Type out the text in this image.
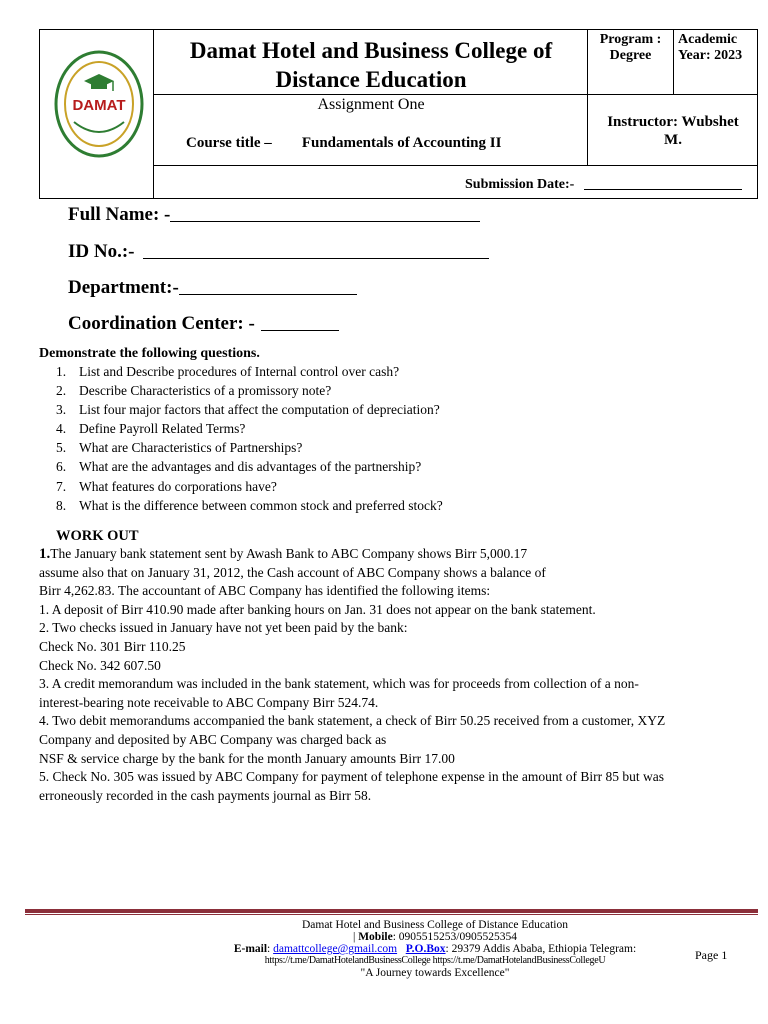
DAMAT
Damat Hotel and Business College of
Distance Education
Program :
Degree
Academic
Year: 2023
Assignment One
Course title – Fundamentals of Accounting II
Instructor: Wubshet
M.
Submission Date:-
Full Name: -
ID No.:-
Department:-
Coordination Center: -
Demonstrate the following questions.
1. List and Describe procedures of Internal control over cash?
2. Describe Characteristics of a promissory note?
3. List four major factors that affect the computation of depreciation?
4. Define Payroll Related Terms?
5. What are Characteristics of Partnerships?
6. What are the advantages and dis advantages of the partnership?
7. What features do corporations have?
8. What is the difference between common stock and preferred stock?
WORK OUT

1.The January bank statement sent by Awash Bank to ABC Company shows Birr 5,000.17

assume also that on January 31, 2012, the Cash account of ABC Company shows a balance of

Birr 4,262.83. The accountant of ABC Company has identified the following items:

1. A deposit of Birr 410.90 made after banking hours on Jan. 31 does not appear on the bank statement.

2. Two checks issued in January have not yet been paid by the bank:

Check No. 301 Birr 110.25

Check No. 342 607.50

3. A credit memorandum was included in the bank statement, which was for proceeds from collection of a non-

interest-bearing note receivable to ABC Company Birr 524.74.

4. Two debit memorandums accompanied the bank statement, a check of Birr 50.25 received from a customer, XYZ

Company and deposited by ABC Company was charged back as

NSF & service charge by the bank for the month January amounts Birr 17.00

5. Check No. 305 was issued by ABC Company for payment of telephone expense in the amount of Birr 85 but was

erroneously recorded in the cash payments journal as Birr 58.

Damat Hotel and Business College of Distance Education
| Mobile: 0905515253/0905525354
E-mail: damattcollege@gmail.com P.O.Box: 29379 Addis Ababa, Ethiopia Telegram:
https://t.me/DamatHotelandBusinessCollege https://t.me/DamatHotelandBusinessCollegeU
"A Journey towards Excellence"
Page 1
